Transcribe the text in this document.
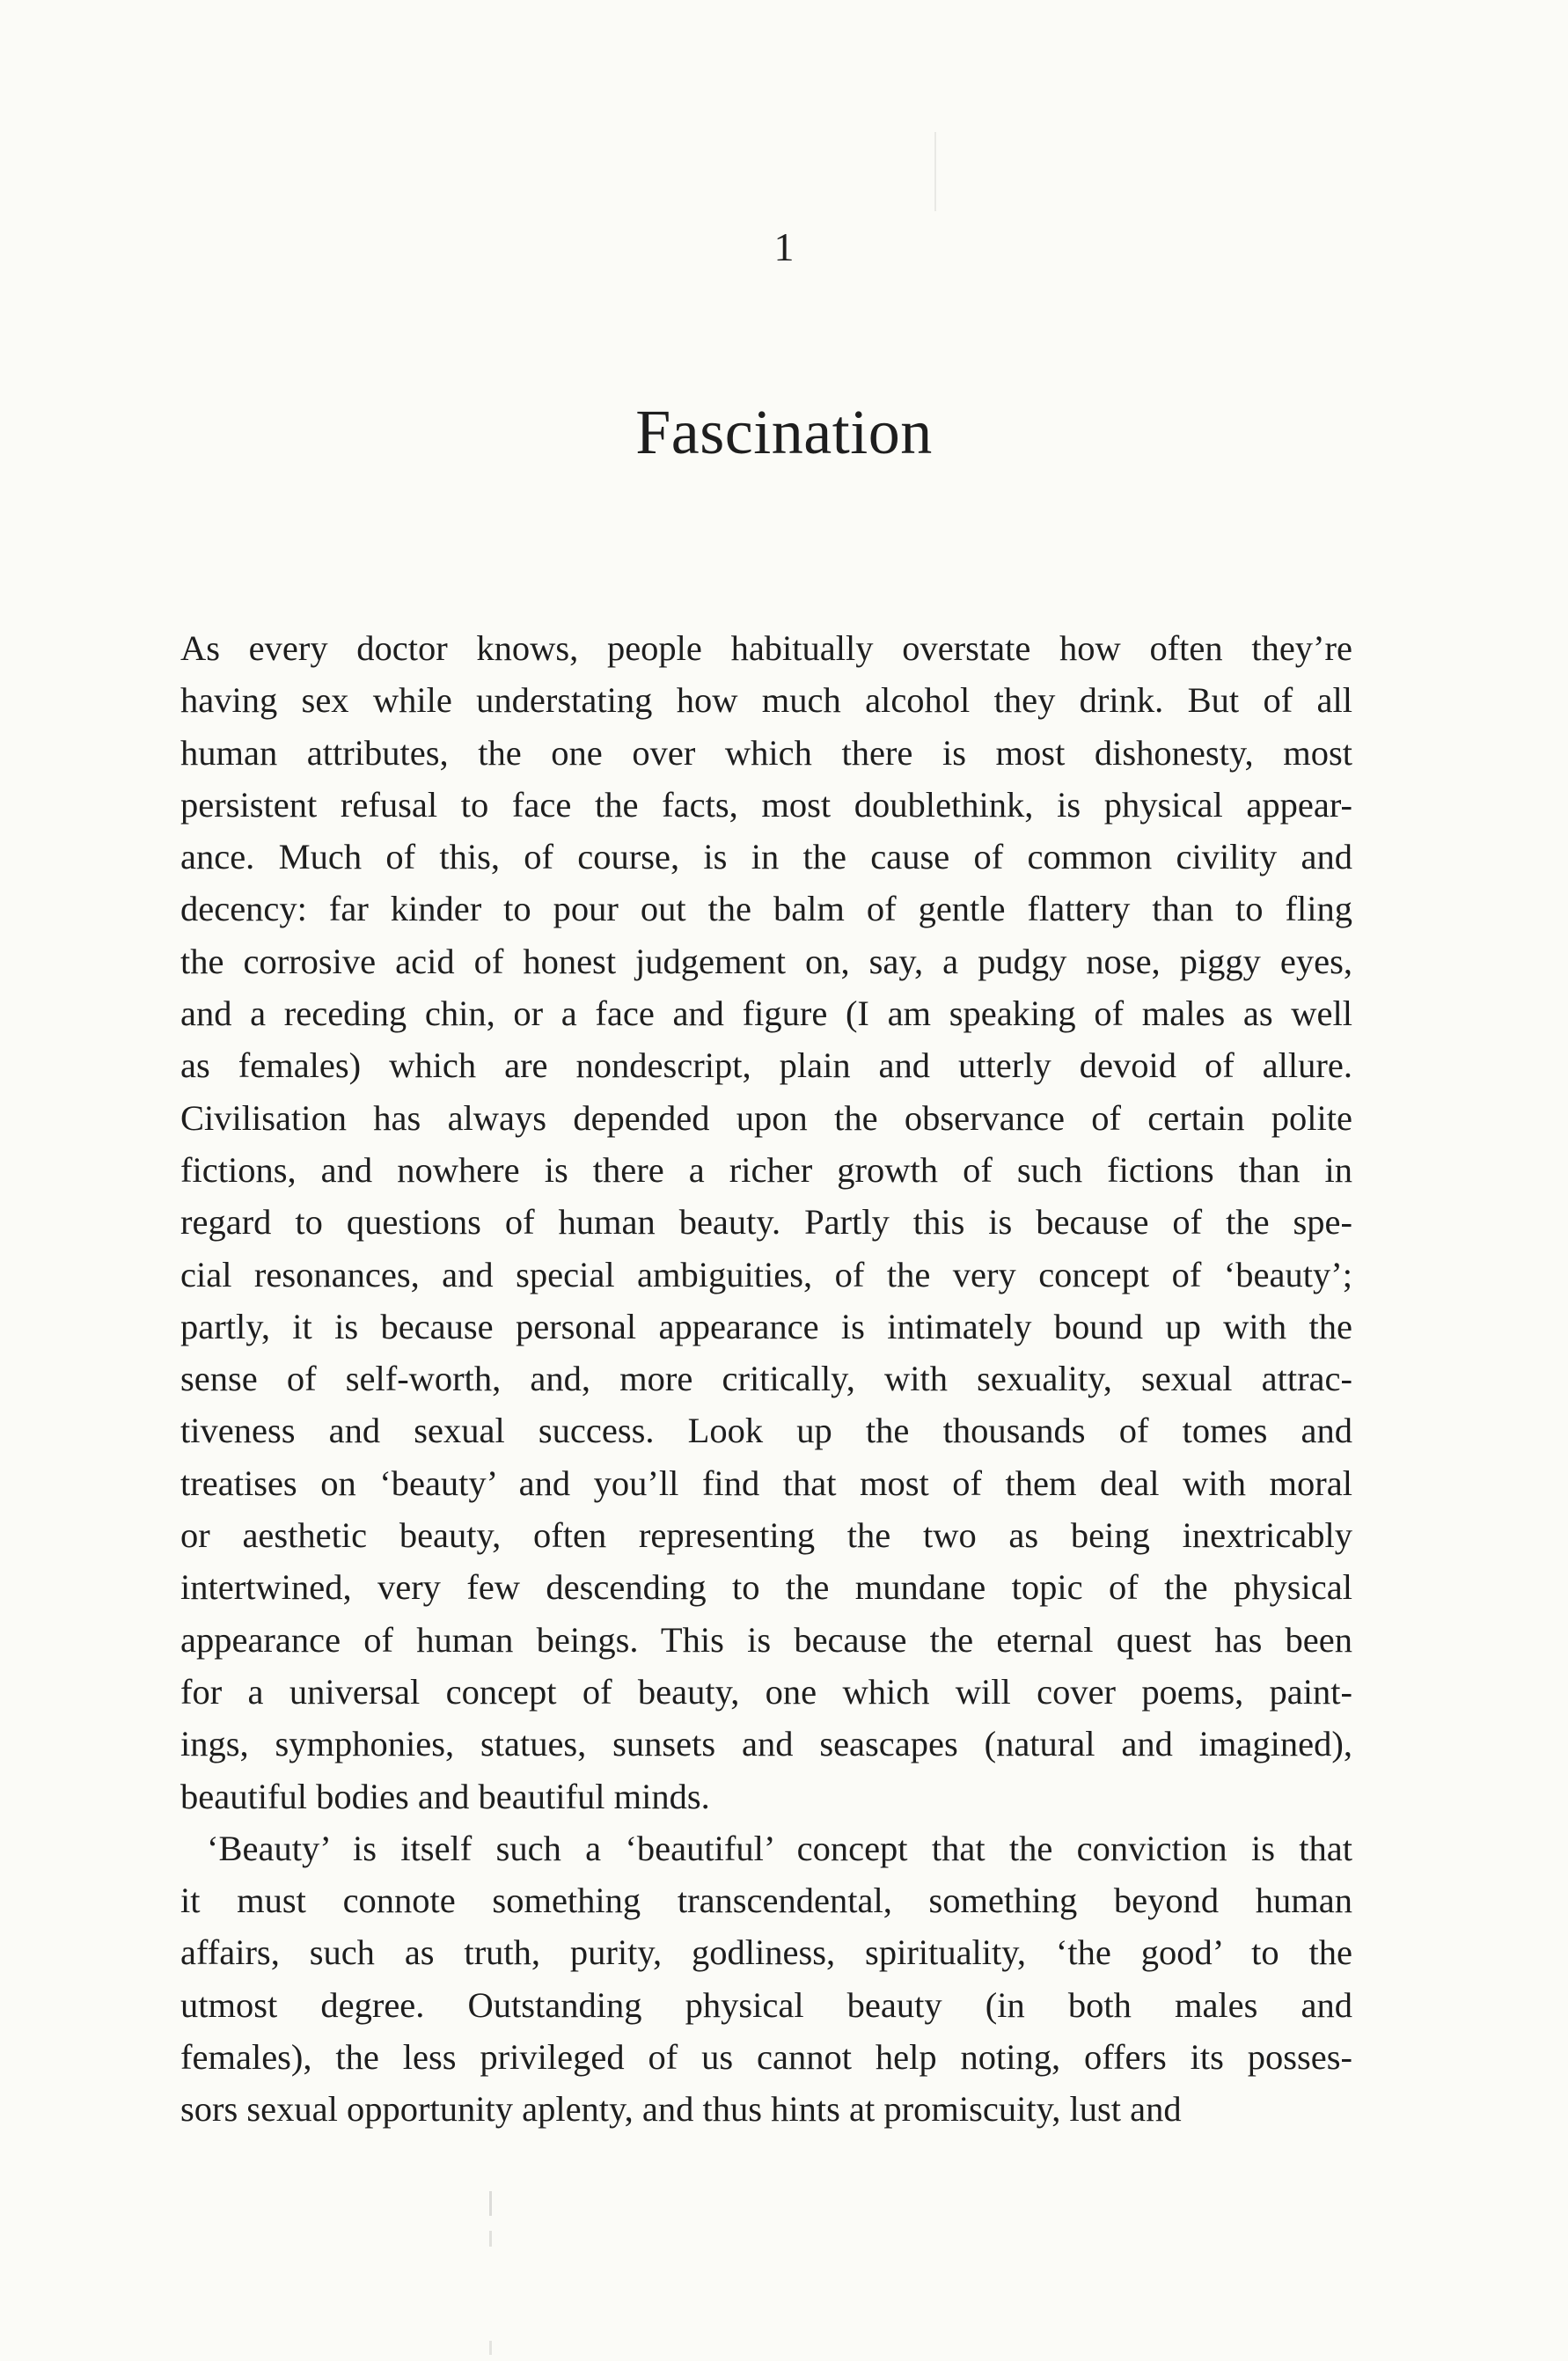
1
Fascination

As every doctor knows, people habitually overstate how often they’re
having sex while understating how much alcohol they drink. But of all
human attributes, the one over which there is most dishonesty, most
persistent refusal to face the facts, most doublethink, is physical appear-
ance. Much of this, of course, is in the cause of common civility and
decency: far kinder to pour out the balm of gentle flattery than to fling
the corrosive acid of honest judgement on, say, a pudgy nose, piggy eyes,
and a receding chin, or a face and figure (I am speaking of males as well
as females) which are nondescript, plain and utterly devoid of allure.
Civilisation has always depended upon the observance of certain polite
fictions, and nowhere is there a richer growth of such fictions than in
regard to questions of human beauty. Partly this is because of the spe-
cial resonances, and special ambiguities, of the very concept of ‘beauty’;
partly, it is because personal appearance is intimately bound up with the
sense of self-worth, and, more critically, with sexuality, sexual attrac-
tiveness and sexual success. Look up the thousands of tomes and
treatises on ‘beauty’ and you’ll find that most of them deal with moral
or aesthetic beauty, often representing the two as being inextricably
intertwined, very few descending to the mundane topic of the physical
appearance of human beings. This is because the eternal quest has been
for a universal concept of beauty, one which will cover poems, paint-
ings, symphonies, statues, sunsets and seascapes (natural and imagined),
beautiful bodies and beautiful minds.

‘Beauty’ is itself such a ‘beautiful’ concept that the conviction is that
it must connote something transcendental, something beyond human
affairs, such as truth, purity, godliness, spirituality, ‘the good’ to the
utmost degree. Outstanding physical beauty (in both males and
females), the less privileged of us cannot help noting, offers its posses-
sors sexual opportunity aplenty, and thus hints at promiscuity, lust and
